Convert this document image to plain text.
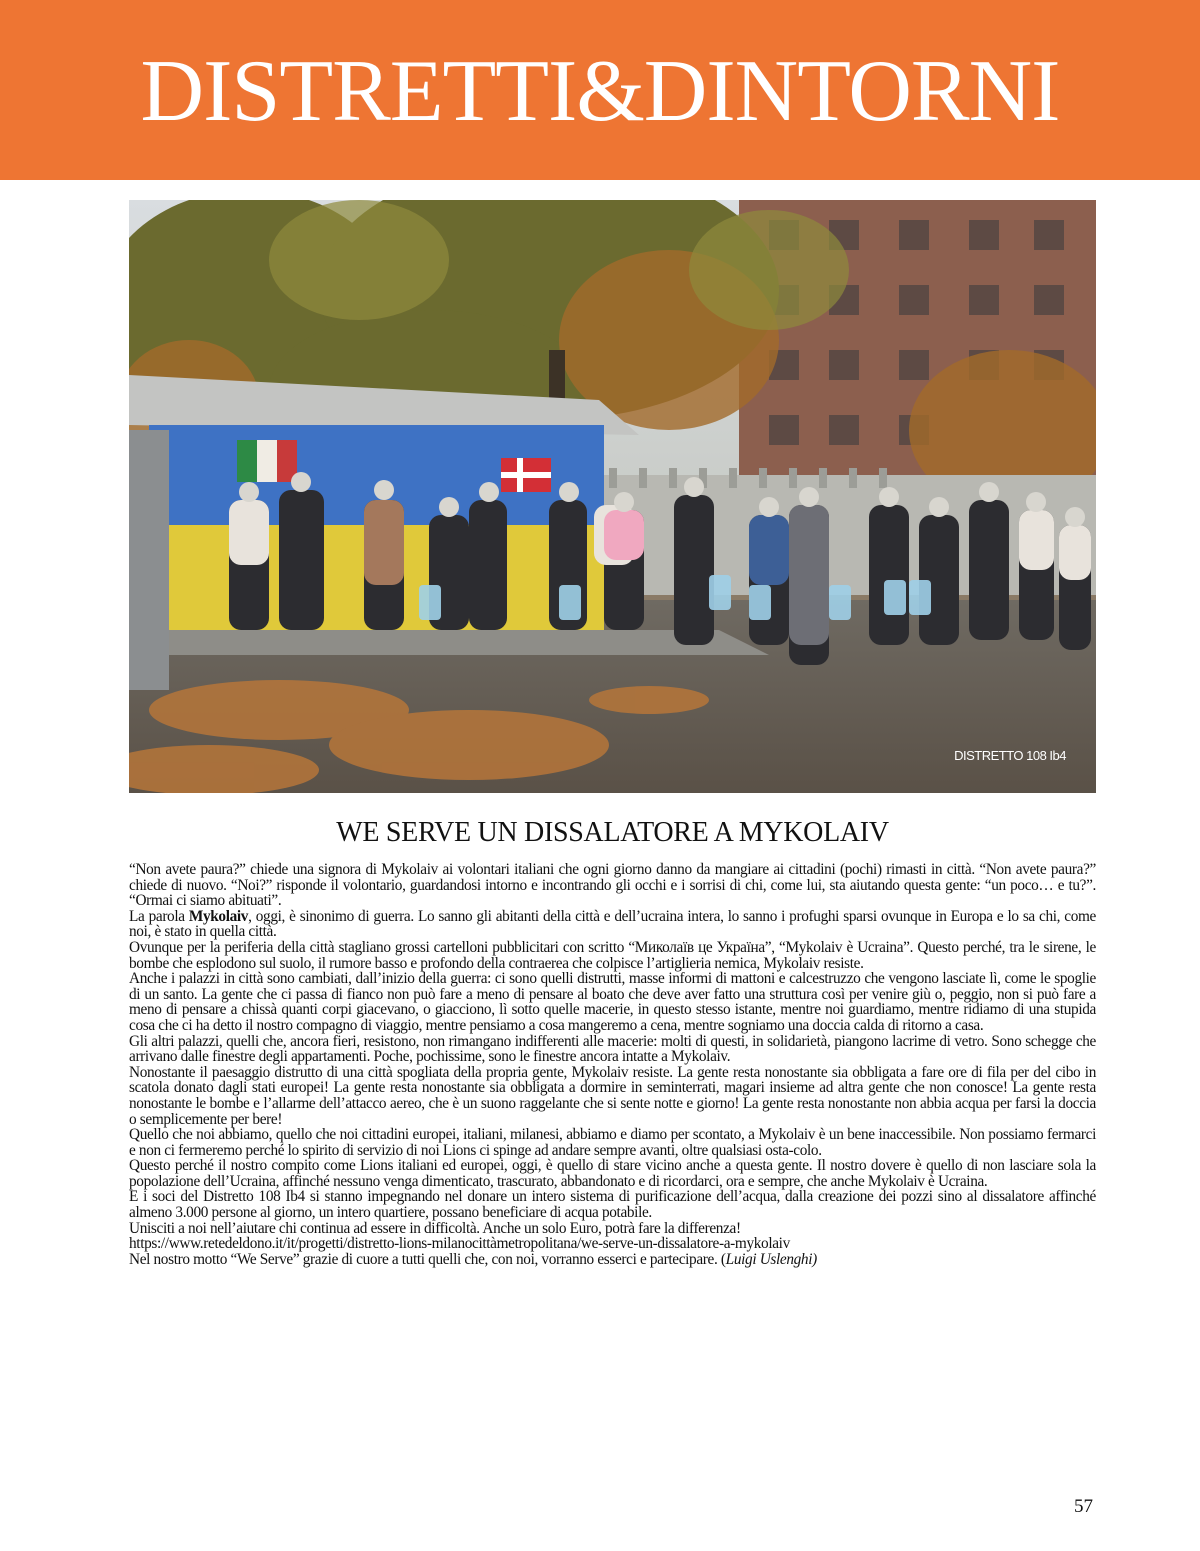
DISTRETTI&DINTORNI
DISTRETTO 108 Ib4
WE SERVE UN DISSALATORE A MYKOLAIV

“Non avete paura?” chiede una signora di Mykolaiv ai volontari italiani che ogni giorno danno da mangiare ai cittadini (pochi) rimasti in città. “Non avete paura?” chiede di nuovo. “Noi?” risponde il volontario, guardandosi intorno e incontrando gli occhi e i sorrisi di chi, come lui, sta aiutando questa gente: “un poco… e tu?”. “Ormai ci siamo abituati”.

La parola Mykolaiv, oggi, è sinonimo di guerra. Lo sanno gli abitanti della città e dell’ucraina intera, lo sanno i profughi sparsi ovunque in Europa e lo sa chi, come noi, è stato in quella città.

Ovunque per la periferia della città stagliano grossi cartelloni pubblicitari con scritto “Миколаїв це Україна”, “Mykolaiv è Ucraina”. Questo perché, tra le sirene, le bombe che esplodono sul suolo, il rumore basso e profondo della contraerea che colpisce l’artiglieria nemica, Mykolaiv resiste.

Anche i palazzi in città sono cambiati, dall’inizio della guerra: ci sono quelli distrutti, masse informi di mattoni e calcestruzzo che vengono lasciate lì, come le spoglie di un santo. La gente che ci passa di fianco non può fare a meno di pensare al boato che deve aver fatto una struttura così per venire giù o, peggio, non si può fare a meno di pensare a chissà quanti corpi giacevano, o giacciono, lì sotto quelle macerie, in questo stesso istante, mentre noi guardiamo, mentre ridiamo di una stupida cosa che ci ha detto il nostro compagno di viaggio, mentre pensiamo a cosa mangeremo a cena, mentre sogniamo una doccia calda di ritorno a casa.

Gli altri palazzi, quelli che, ancora fieri, resistono, non rimangano indifferenti alle macerie: molti di questi, in solidarietà, piangono lacrime di vetro. Sono schegge che arrivano dalle finestre degli appartamenti. Poche, pochissime, sono le finestre ancora intatte a Mykolaiv.

Nonostante il paesaggio distrutto di una città spogliata della propria gente, Mykolaiv resiste. La gente resta nonostante sia obbligata a fare ore di fila per del cibo in scatola donato dagli stati europei! La gente resta nonostante sia obbligata a dormire in seminterrati, magari insieme ad altra gente che non conosce! La gente resta nonostante le bombe e l’allarme dell’attacco aereo, che è un suono raggelante che si sente notte e giorno! La gente resta nonostante non abbia acqua per farsi la doccia o semplicemente per bere!

Quello che noi abbiamo, quello che noi cittadini europei, italiani, milanesi, abbiamo e diamo per scontato, a Mykolaiv è un bene inaccessibile. Non possiamo fermarci e non ci fermeremo perché lo spirito di servizio di noi Lions ci spinge ad andare sempre avanti, oltre qualsiasi osta-colo.

Questo perché il nostro compito come Lions italiani ed europei, oggi, è quello di stare vicino anche a questa gente. Il nostro dovere è quello di non lasciare sola la popolazione dell’Ucraina, affinché nessuno venga dimenticato, trascurato, abbandonato e di ricordarci, ora e sempre, che anche Mykolaiv è Ucraina.

E i soci del Distretto 108 Ib4 si stanno impegnando nel donare un intero sistema di purificazione dell’acqua, dalla creazione dei pozzi sino al dissalatore affinché almeno 3.000 persone al giorno, un intero quartiere, possano beneficiare di acqua potabile.

Unisciti a noi nell’aiutare chi continua ad essere in difficoltà. Anche un solo Euro, potrà fare la differenza!

https://www.retedeldono.it/it/progetti/distretto-lions-milanocittàmetropolitana/we-serve-un-dissalatore-a-mykolaiv

Nel nostro motto “We Serve” grazie di cuore a tutti quelli che, con noi, vorranno esserci e partecipare. (Luigi Uslenghi)

57
